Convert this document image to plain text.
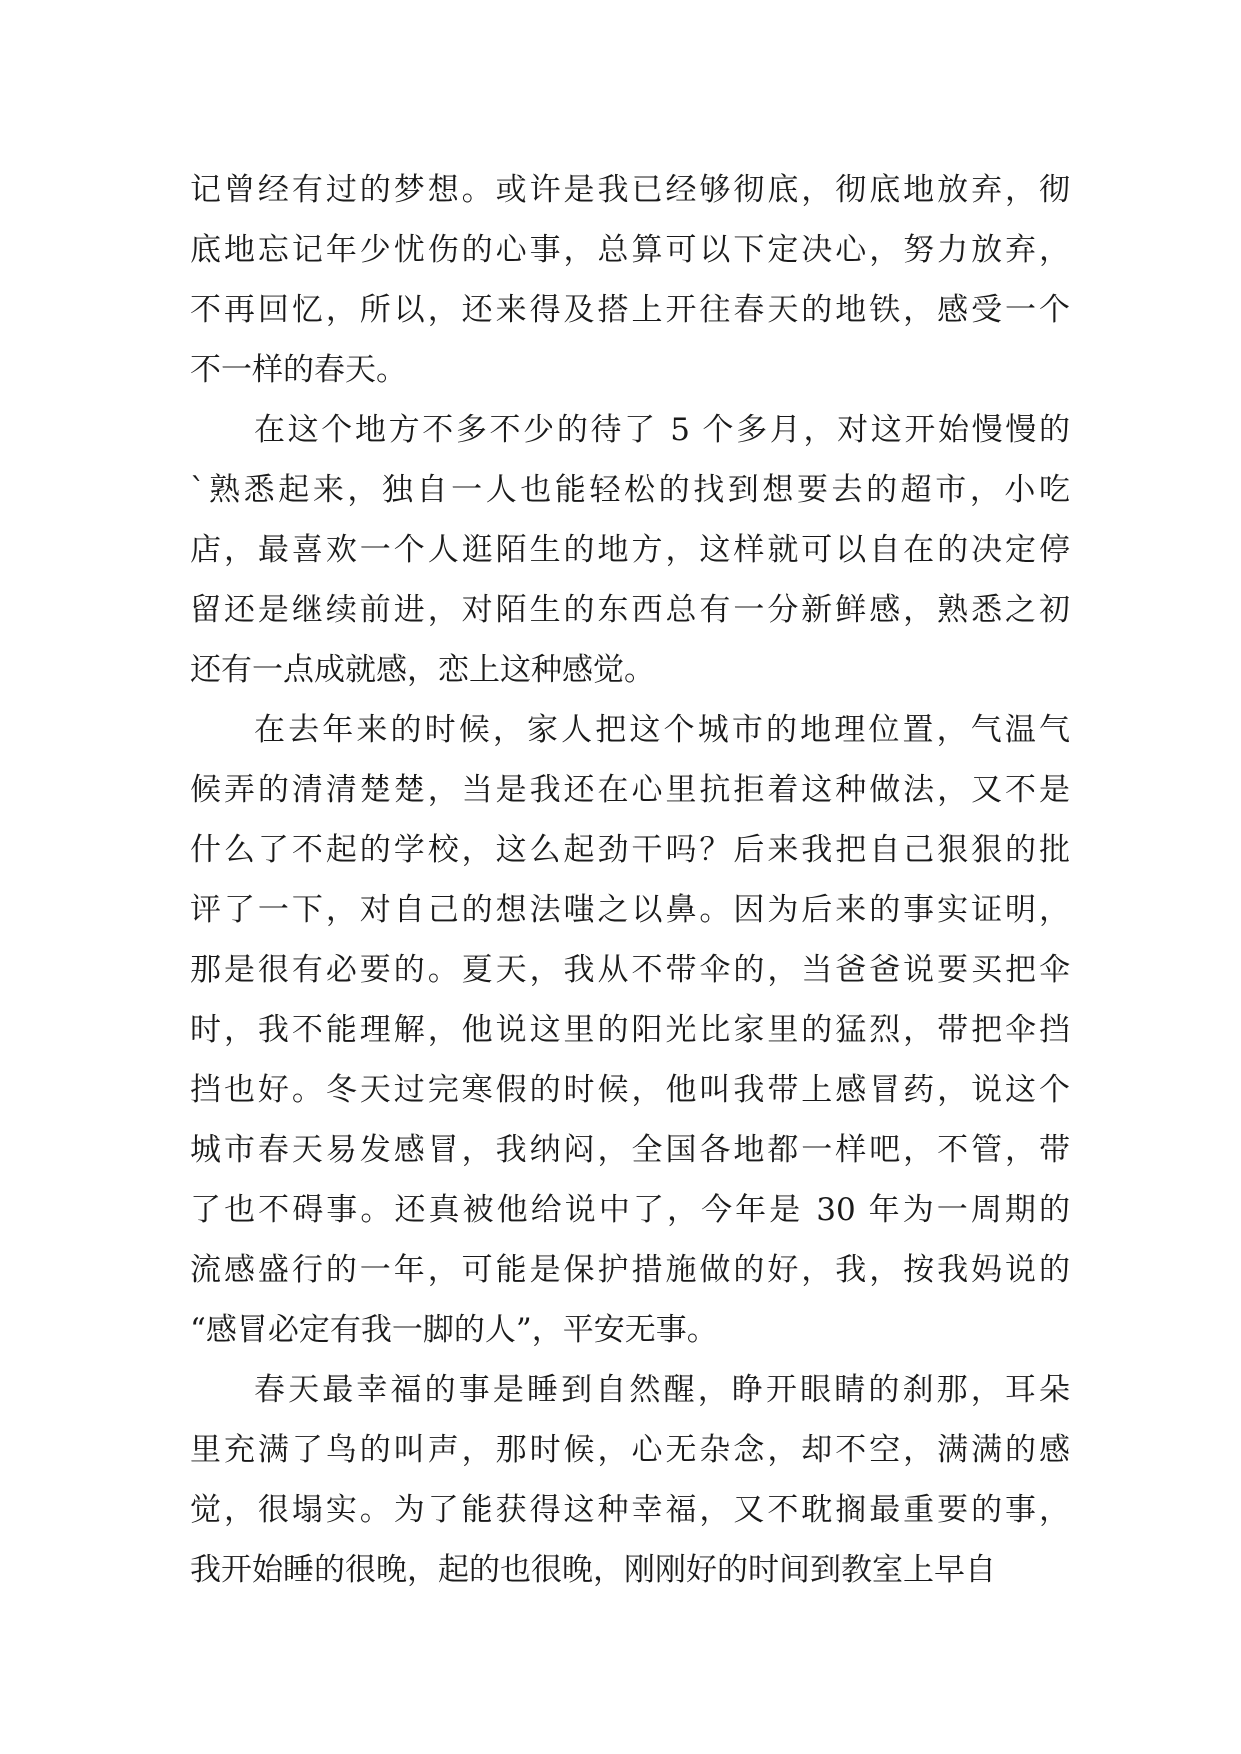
记曾经有过的梦想。或许是我已经够彻底，彻底地放弃，彻
底地忘记年少忧伤的心事，总算可以下定决心，努力放弃，
不再回忆，所以，还来得及搭上开往春天的地铁，感受一个
不一样的春天。
在这个地方不多不少的待了 5 个多月，对这开始慢慢的
`熟悉起来，独自一人也能轻松的找到想要去的超市，小吃
店，最喜欢一个人逛陌生的地方，这样就可以自在的决定停
留还是继续前进，对陌生的东西总有一分新鲜感，熟悉之初
还有一点成就感，恋上这种感觉。
在去年来的时候，家人把这个城市的地理位置，气温气
候弄的清清楚楚，当是我还在心里抗拒着这种做法，又不是
什么了不起的学校，这么起劲干吗？后来我把自己狠狠的批
评了一下，对自己的想法嗤之以鼻。因为后来的事实证明，
那是很有必要的。夏天，我从不带伞的，当爸爸说要买把伞
时，我不能理解，他说这里的阳光比家里的猛烈，带把伞挡
挡也好。冬天过完寒假的时候，他叫我带上感冒药，说这个
城市春天易发感冒，我纳闷，全国各地都一样吧，不管，带
了也不碍事。还真被他给说中了，今年是 30 年为一周期的
流感盛行的一年，可能是保护措施做的好，我，按我妈说的
“感冒必定有我一脚的人”，平安无事。
春天最幸福的事是睡到自然醒，睁开眼睛的刹那，耳朵
里充满了鸟的叫声，那时候，心无杂念，却不空，满满的感
觉，很塌实。为了能获得这种幸福，又不耽搁最重要的事，
我开始睡的很晚，起的也很晚，刚刚好的时间到教室上早自
